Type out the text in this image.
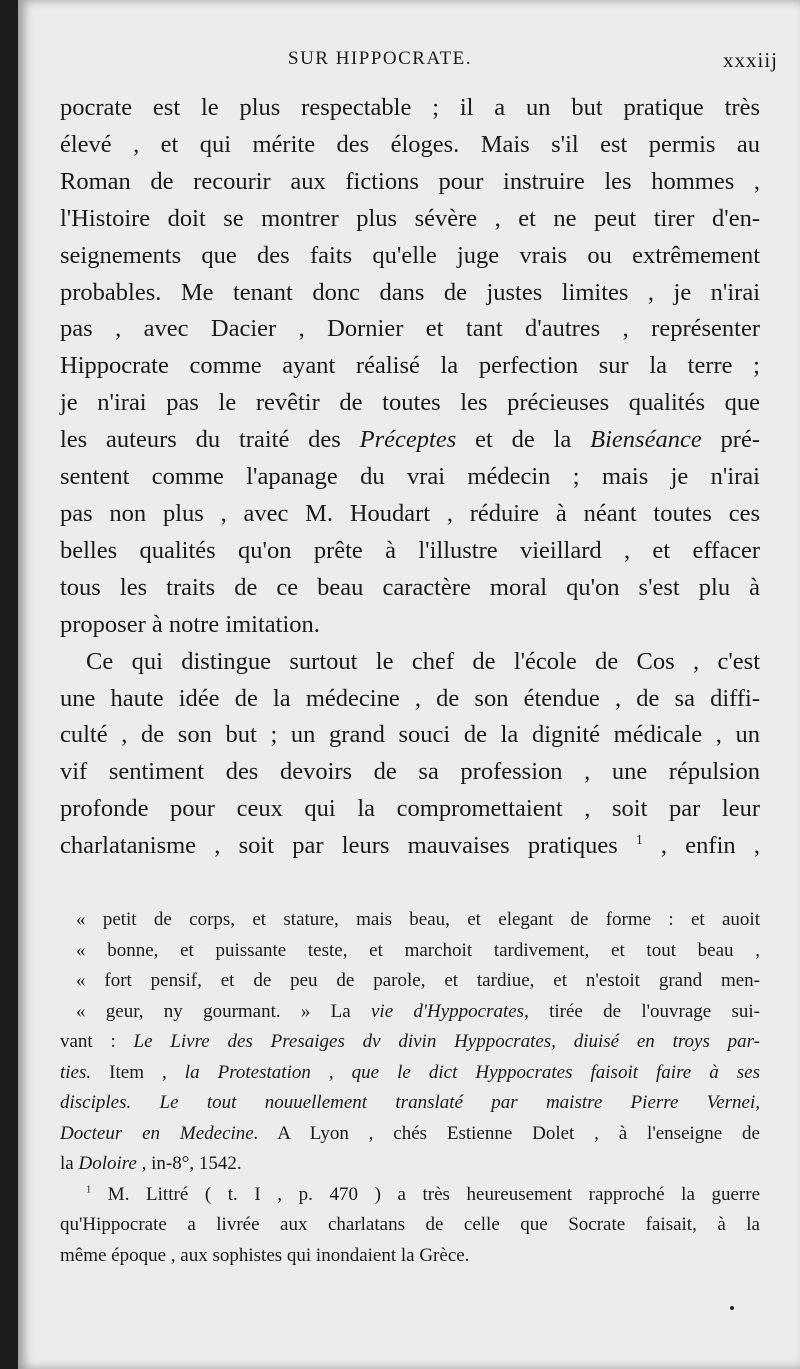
SUR HIPPOCRATE.	xxxiij

pocrate est le plus respectable ; il a un but pratique très
élevé , et qui mérite des éloges. Mais s'il est permis au
Roman de recourir aux fictions pour instruire les hommes ,
l'Histoire doit se montrer plus sévère , et ne peut tirer d'en-
seignements que des faits qu'elle juge vrais ou extrêmement
probables. Me tenant donc dans de justes limites , je n'irai
pas , avec Dacier , Dornier et tant d'autres , représenter
Hippocrate comme ayant réalisé la perfection sur la terre ;
je n'irai pas le revêtir de toutes les précieuses qualités que
les auteurs du traité des Préceptes et de la Bienséance pré-
sentent comme l'apanage du vrai médecin ; mais je n'irai
pas non plus , avec M. Houdart , réduire à néant toutes ces
belles qualités qu'on prête à l'illustre vieillard , et effacer
tous les traits de ce beau caractère moral qu'on s'est plu à
proposer à notre imitation.

Ce qui distingue surtout le chef de l'école de Cos , c'est
une haute idée de la médecine , de son étendue , de sa diffi-
culté , de son but ; un grand souci de la dignité médicale , un
vif sentiment des devoirs de sa profession , une répulsion
profonde pour ceux qui la compromettaient , soit par leur
charlatanisme , soit par leurs mauvaises pratiques $^1$ , enfin ,

« petit de corps, et stature, mais beau, et elegant de forme : et auoit
« bonne, et puissante teste, et marchoit tardivement, et tout beau ,
« fort pensif, et de peu de parole, et tardiue, et n'estoit grand men-
« geur, ny gourmant. » La vie d'Hyppocrates, tirée de l'ouvrage sui-
vant : Le Livre des Presaiges dv divin Hyppocrates, diuisé en troys par-
ties. Item , la Protestation , que le dict Hyppocrates faisoit faire à ses
disciples. Le tout nouuellement translaté par maistre Pierre Vernei,
Docteur en Medecine. A Lyon , chés Estienne Dolet , à l'enseigne de
la Doloire , in-8°, 1542.
$^1$ M. Littré ( t. I , p. 470 ) a très heureusement rapproché la guerre
qu'Hippocrate a livrée aux charlatans de celle que Socrate faisait, à la
même époque , aux sophistes qui inondaient la Grèce.
